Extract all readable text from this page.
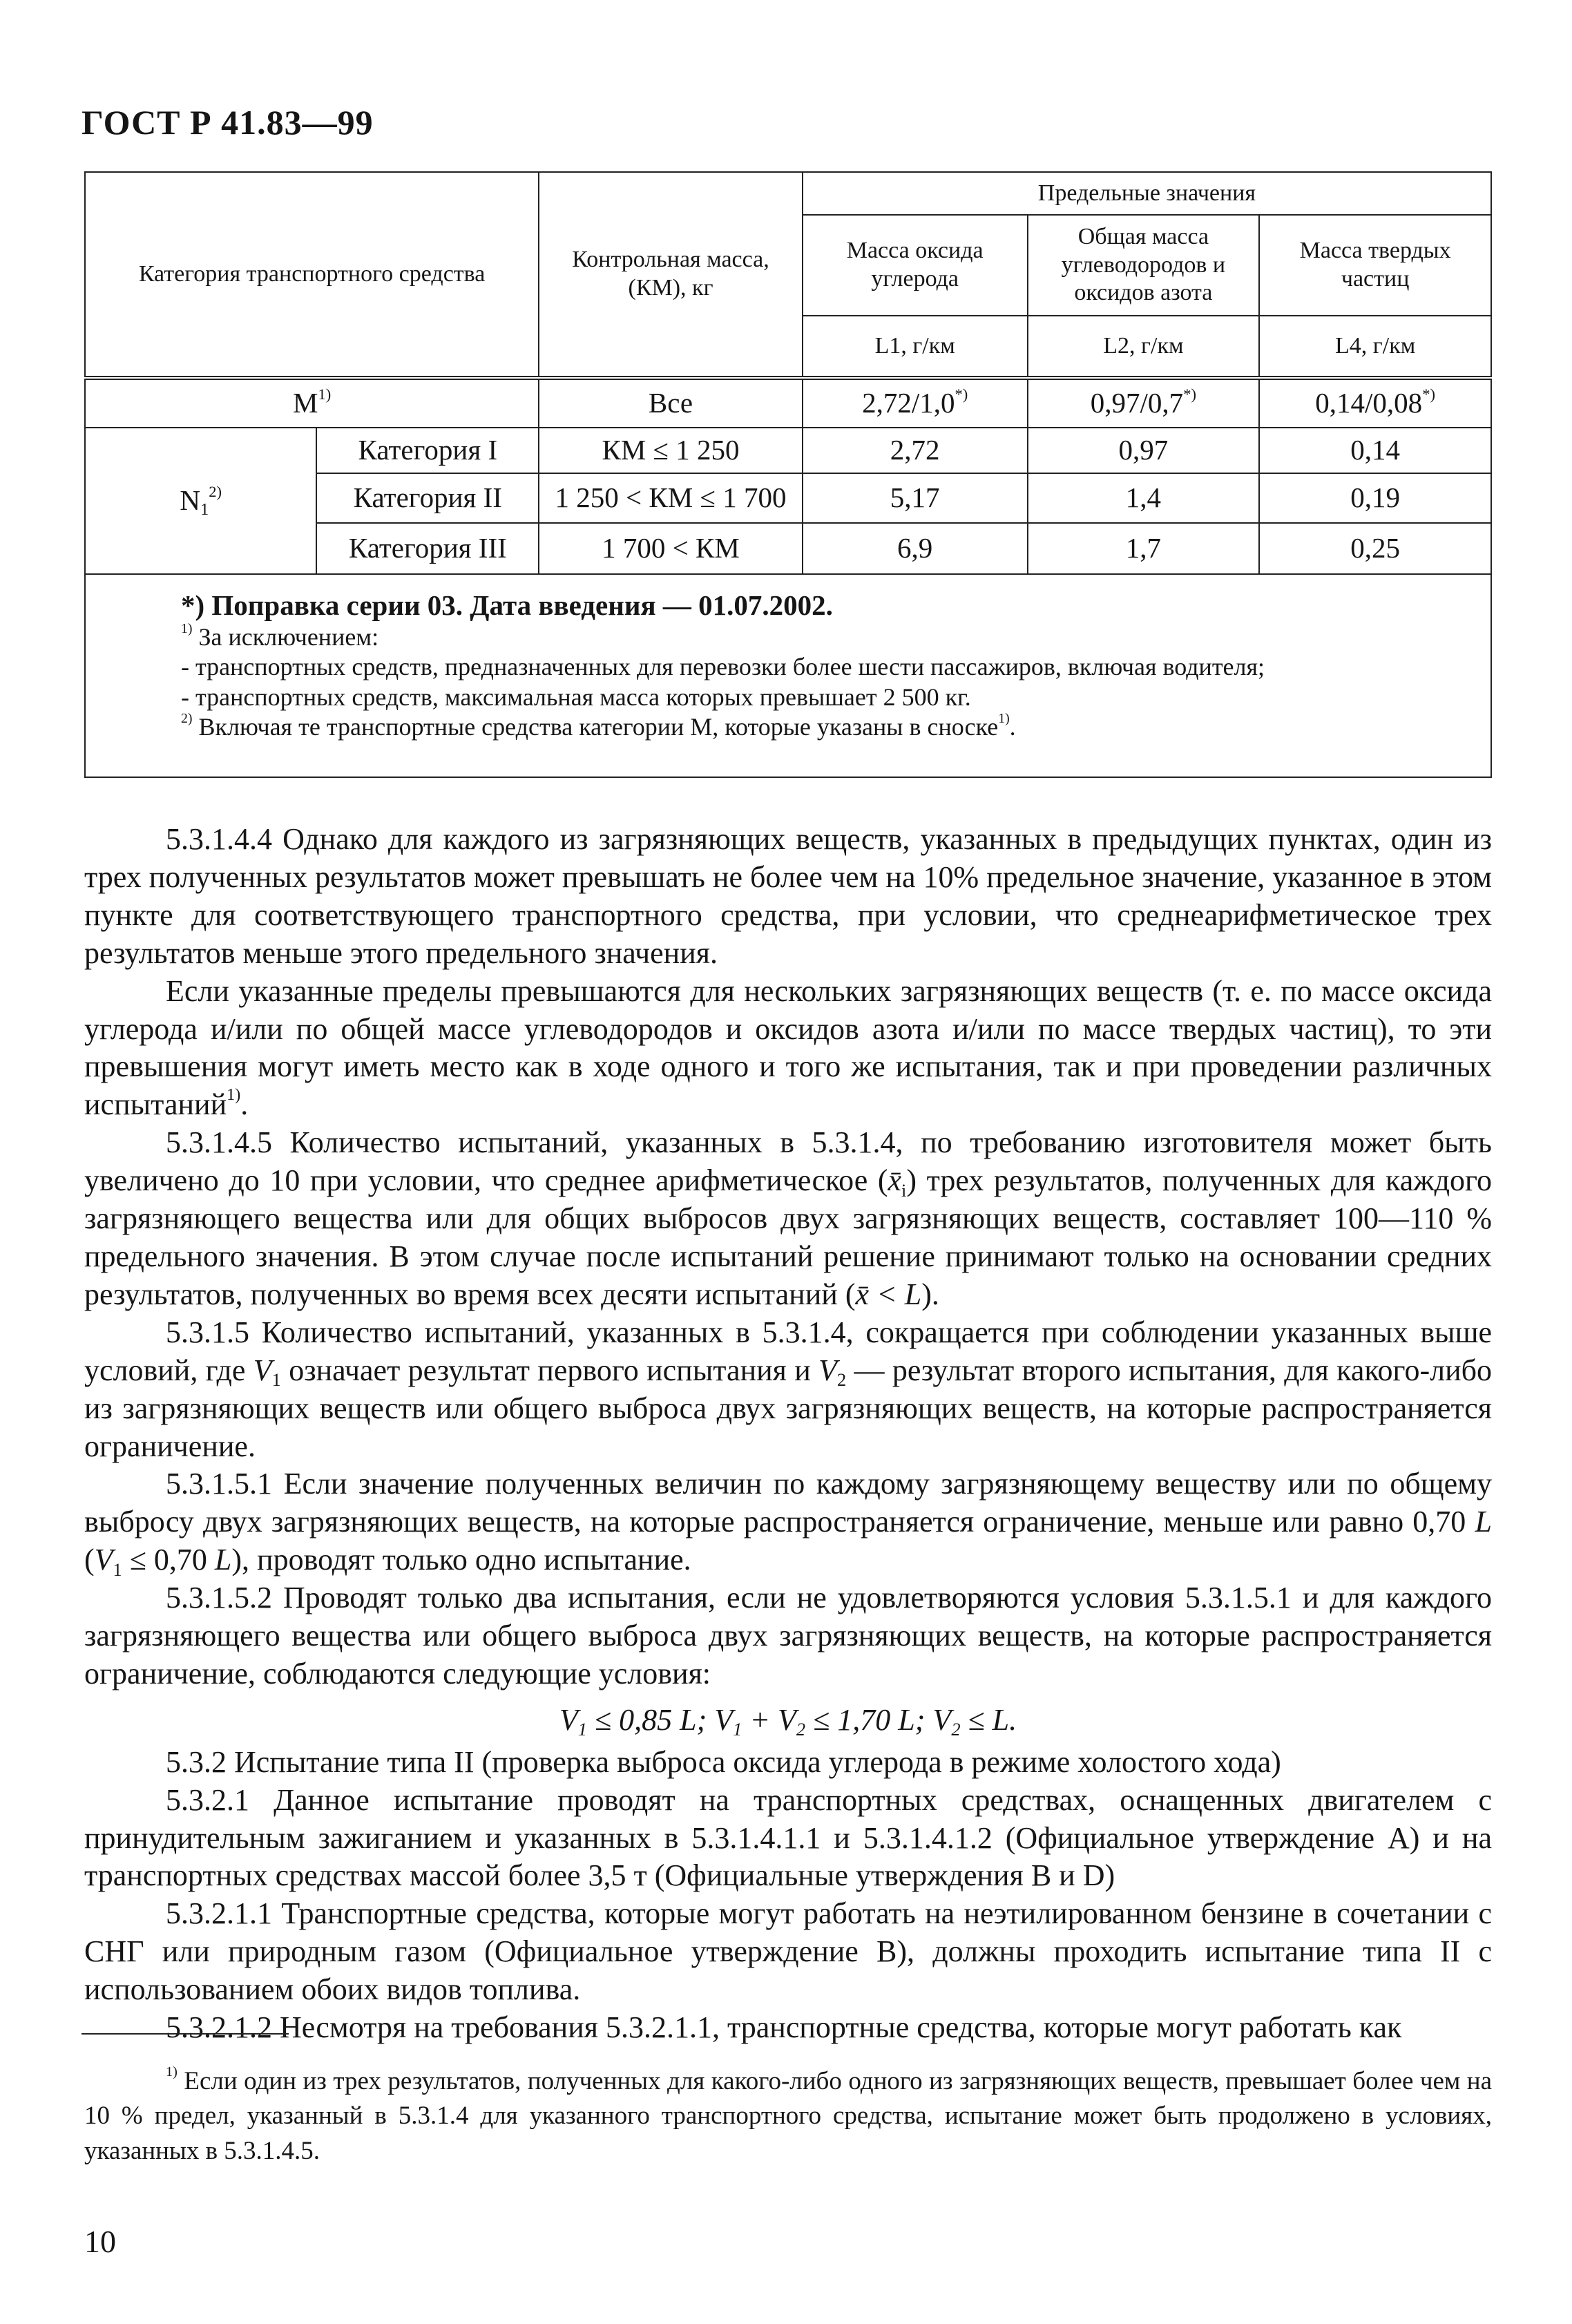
ГОСТ Р 41.83—99
Категория транспортного средства		Контрольная масса, (КМ), кг	Предельные значения		
			Масса оксида углерода	Общая масса углеводородов и оксидов азота	Масса твердых частиц
			L1, г/км	L2, г/км	L4, г/км
M$^{1)}$		Все	2,72/1,0*)	0,97/0,7*)	0,14/0,08*)
$N_1^{2)}$	Категория I	КМ ≤ 1 250	2,72	0,97	0,14
	Категория II	1 250 < КМ ≤ 1 700	5,17	1,4	0,19
	Категория III	1 700 < КМ	6,9	1,7	0,25

*) Поправка серии 03. Дата введения — 01.07.2002.
$^{1)}$ За исключением:
- транспортных средств, предназначенных для перевозки более шести пассажиров, включая водителя;
- транспортных средств, максимальная масса которых превышает 2 500 кг.
$^{2)}$ Включая те транспортные средства категории М, которые указаны в сноске$^{1)}$.					

5.3.1.4.4 Однако для каждого из загрязняющих веществ, указанных в предыдущих пунктах, один из трех полученных результатов может превышать не более чем на 10% предельное значение, указанное в этом пункте для соответствующего транспортного средства, при условии, что среднеарифметическое трех результатов меньше этого предельного значения.

Если указанные пределы превышаются для нескольких загрязняющих веществ (т. е. по массе оксида углерода и/или по общей массе углеводородов и оксидов азота и/или по массе твердых частиц), то эти превышения могут иметь место как в ходе одного и того же испытания, так и при проведении различных испытаний$^{1)}$.

5.3.1.4.5 Количество испытаний, указанных в 5.3.1.4, по требованию изготовителя может быть увеличено до 10 при условии, что среднее арифметическое $(x̄_i)$ трех результатов, полученных для каждого загрязняющего вещества или для общих выбросов двух загрязняющих веществ, составляет 100—110 % предельного значения. В этом случае после испытаний решение принимают только на основании средних результатов, полученных во время всех десяти испытаний (x̄ < L).

5.3.1.5 Количество испытаний, указанных в 5.3.1.4, сокращается при соблюдении указанных выше условий, где $V_1$ означает результат первого испытания и $V_2$ — результат второго испытания, для какого-либо из загрязняющих веществ или общего выброса двух загрязняющих веществ, на которые распространяется ограничение.

5.3.1.5.1 Если значение полученных величин по каждому загрязняющему веществу или по общему выбросу двух загрязняющих веществ, на которые распространяется ограничение, меньше или равно 0,70 L ($V_1 \le 0,70$ L), проводят только одно испытание.

5.3.1.5.2 Проводят только два испытания, если не удовлетворяются условия 5.3.1.5.1 и для каждого загрязняющего вещества или общего выброса двух загрязняющих веществ, на которые распространяется ограничение, соблюдаются следующие условия:

$V_1 \le 0,85$ L; $V_1 + V_2 \le 1,70$ L; $V_2 \le L$.

5.3.2 Испытание типа II (проверка выброса оксида углерода в режиме холостого хода)

5.3.2.1 Данное испытание проводят на транспортных средствах, оснащенных двигателем с принудительным зажиганием и указанных в 5.3.1.4.1.1 и 5.3.1.4.1.2 (Официальное утверждение А) и на транспортных средствах массой более 3,5 т (Официальные утверждения В и D)

5.3.2.1.1 Транспортные средства, которые могут работать на неэтилированном бензине в сочетании с СНГ или природным газом (Официальное утверждение В), должны проходить испытание типа II с использованием обоих видов топлива.

5.3.2.1.2 Несмотря на требования 5.3.2.1.1, транспортные средства, которые могут работать как

$^{1)}$ Если один из трех результатов, полученных для какого-либо одного из загрязняющих веществ, превышает более чем на 10 % предел, указанный в 5.3.1.4 для указанного транспортного средства, испытание может быть продолжено в условиях, указанных в 5.3.1.4.5.
10
